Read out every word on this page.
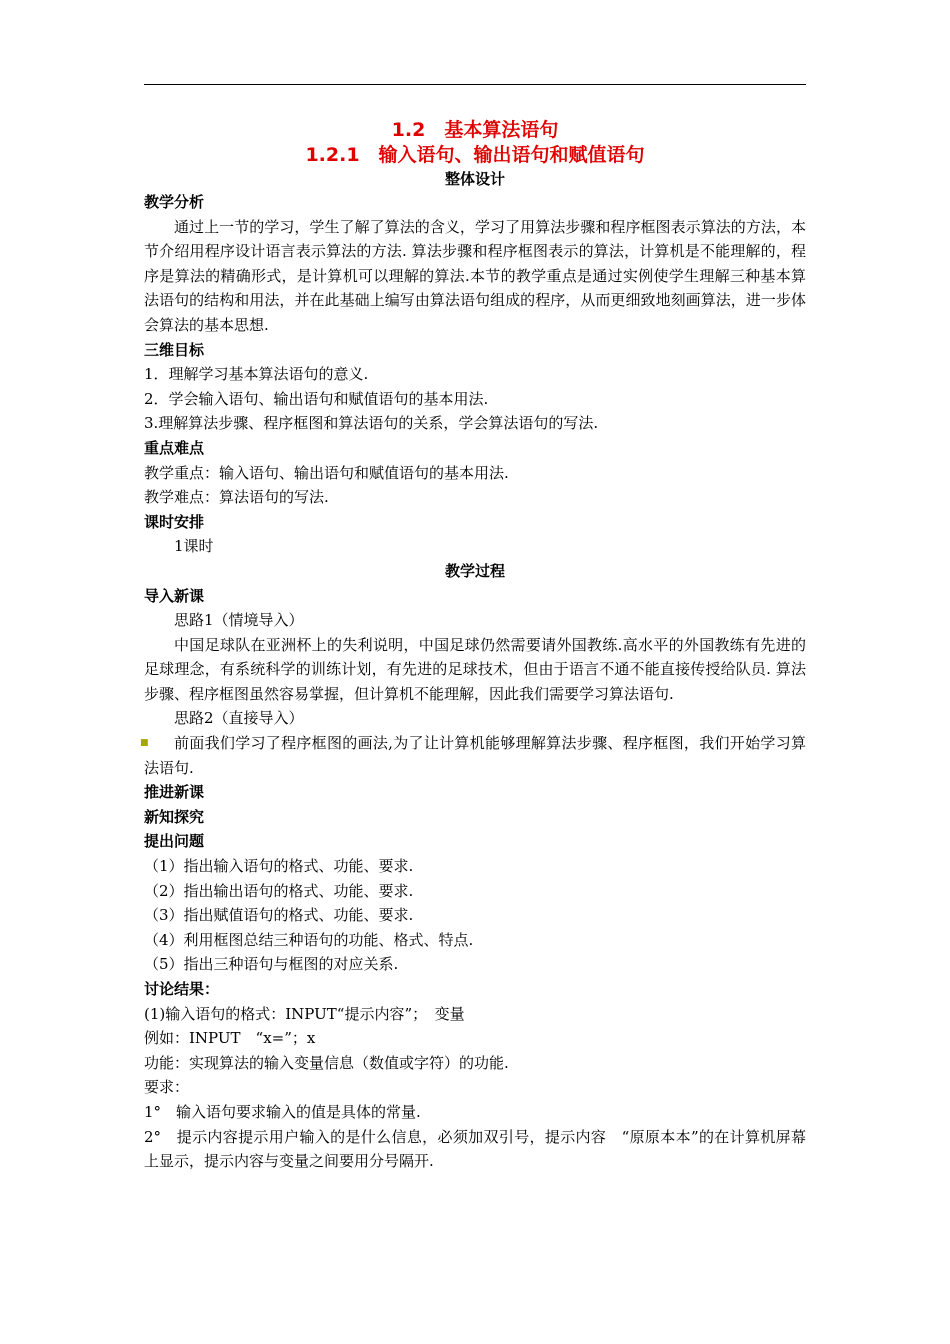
1.2　基本算法语句
1.2.1　输入语句、输出语句和赋值语句
整体设计
教学分析
通过上一节的学习，学生了解了算法的含义，学习了用算法步骤和程序框图表示算法的方法，本节介绍用程序设计语言表示算法的方法. 算法步骤和程序框图表示的算法，计算机是不能理解的，程序是算法的精确形式，是计算机可以理解的算法.本节的教学重点是通过实例使学生理解三种基本算法语句的结构和用法，并在此基础上编写由算法语句组成的程序，从而更细致地刻画算法，进一步体会算法的基本思想.
三维目标
1．理解学习基本算法语句的意义.
2．学会输入语句、输出语句和赋值语句的基本用法.
3.理解算法步骤、程序框图和算法语句的关系，学会算法语句的写法.
重点难点
教学重点：输入语句、输出语句和赋值语句的基本用法.
教学难点：算法语句的写法.
课时安排
1课时
教学过程
导入新课
思路1（情境导入）
中国足球队在亚洲杯上的失利说明，中国足球仍然需要请外国教练.高水平的外国教练有先进的足球理念，有系统科学的训练计划，有先进的足球技术，但由于语言不通不能直接传授给队员. 算法步骤、程序框图虽然容易掌握，但计算机不能理解，因此我们需要学习算法语句.
思路2（直接导入）
■	前面我们学习了程序框图的画法,为了让计算机能够理解算法步骤、程序框图，我们开始学习算法语句.
推进新课
新知探究
提出问题
（1）指出输入语句的格式、功能、要求.
（2）指出输出语句的格式、功能、要求.
（3）指出赋值语句的格式、功能、要求.
（4）利用框图总结三种语句的功能、格式、特点.
（5）指出三种语句与框图的对应关系.
讨论结果：
(1)输入语句的格式：INPUT“提示内容”；　变量
例如：INPUT　“x=”；x
功能：实现算法的输入变量信息（数值或字符）的功能.
要求：
1°　输入语句要求输入的值是具体的常量.
2°　提示内容提示用户输入的是什么信息，必须加双引号，提示内容　“原原本本”的在计算机屏幕上显示，提示内容与变量之间要用分号隔开.
